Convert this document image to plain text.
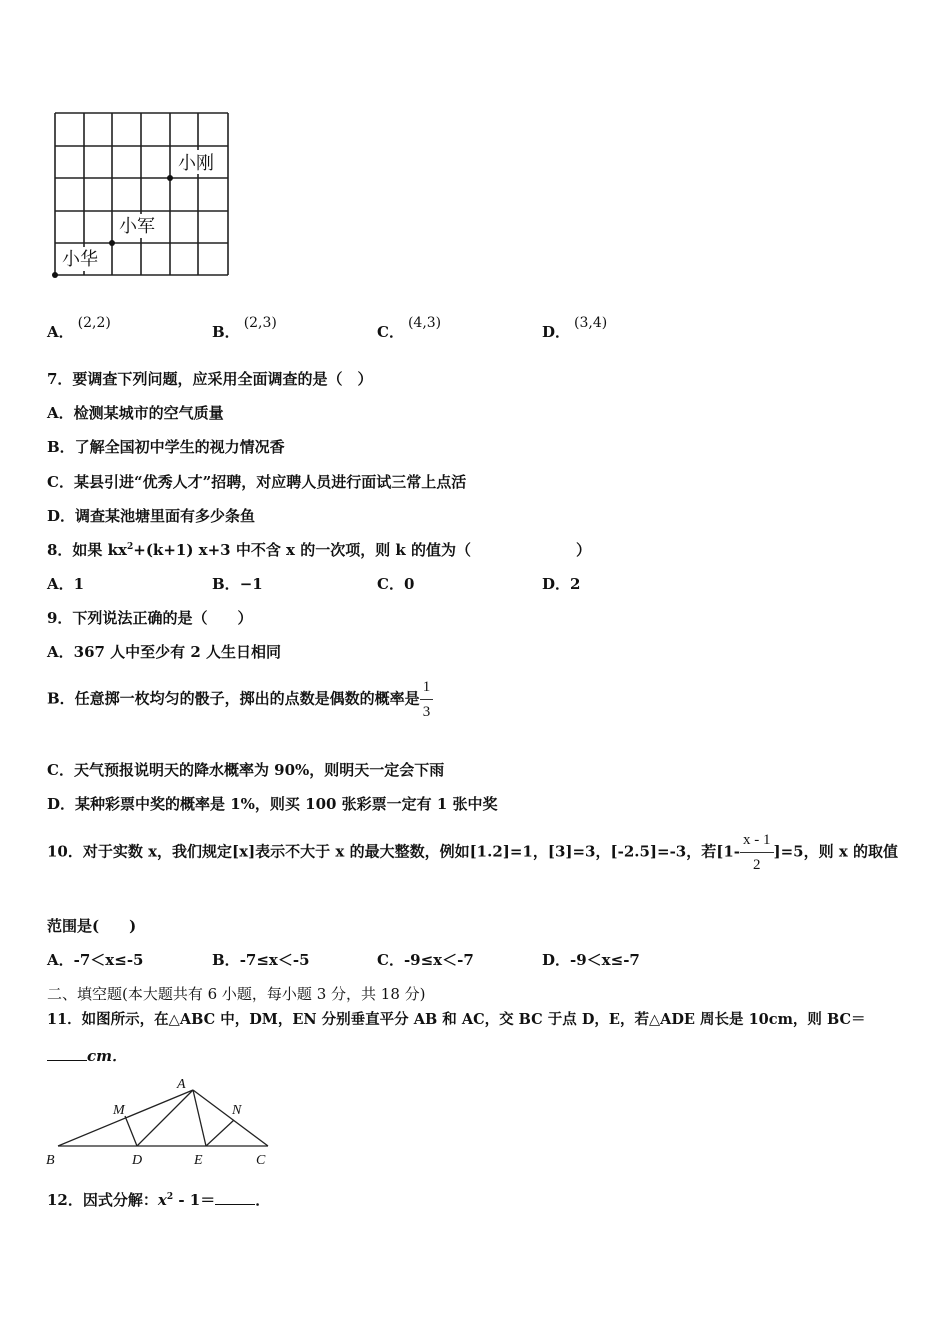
小刚
小军
小华
A． (2,2)	B． (2,3)	C． (4,3)	D． (3,4)
7．要调查下列问题，应采用全面调查的是（　）
A．检测某城市的空气质量
B．了解全国初中学生的视力情况香
C．某县引进“优秀人才”招聘，对应聘人员进行面试三常上点活
D．调查某池塘里面有多少条鱼
8．如果 $kx^2+(k+1)$ x+3 中不含 x 的一次项，则 k 的值为（　　　　　　　）
A．1	B．−1	C．0	D．2
9．下列说法正确的是（　　）
A．367 人中至少有 2 人生日相同
B．任意掷一枚均匀的骰子，掷出的点数是偶数的概率是 $\frac{1}{3}$
C．天气预报说明天的降水概率为 90%，则明天一定会下雨
D．某种彩票中奖的概率是 1%，则买 100 张彩票一定有 1 张中奖
10．对于实数 x，我们规定[x]表示不大于 x 的最大整数，例如[1.2]=1，[3]=3，[-2.5]=-3，若$[1- \frac{x - 1}{2} ]=5$，则 x 的取值
范围是(　　)
A．-7＜x≤-5	B．-7≤x＜-5	C．-9≤x＜-7	D．-9＜x≤-7
二、填空题(本大题共有 6 小题，每小题 3 分，共 18 分)
11．如图所示，在△ABC 中，DM，EN 分别垂直平分 AB 和 AC，交 BC 于点 D，E，若△ADE 周长是 10cm，则 BC＝
cm．
A
M	N
B	D	E	C
12．因式分解：$x^2 - 1=$	．
